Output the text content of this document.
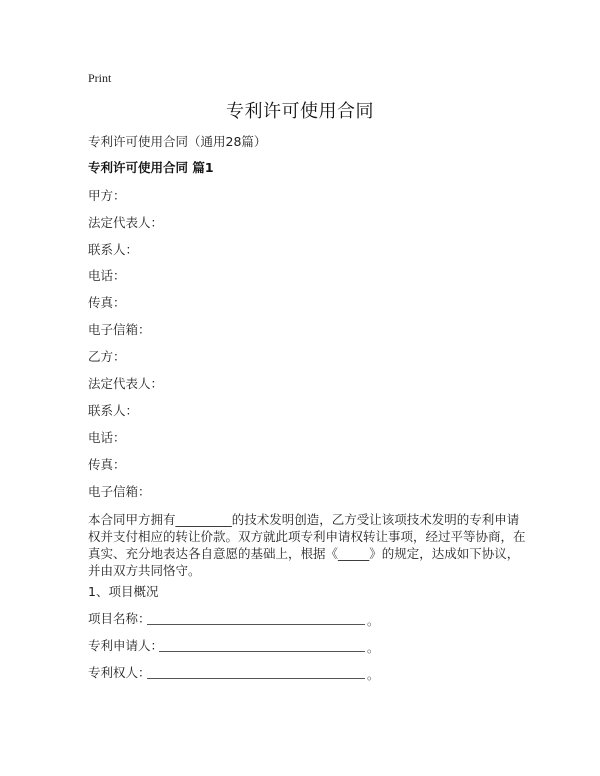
Print
专利许可使用合同
专利许可使用合同（通用28篇）
专利许可使用合同 篇1
甲方：
法定代表人：
联系人：
电话：
传真：
电子信箱：
乙方：
法定代表人：
联系人：
电话：
传真：
电子信箱：
本合同甲方拥有_________的技术发明创造，乙方受让该项技术发明的专利申请权并支付相应的转让价款。双方就此项专利申请权转让事项，经过平等协商，在真实、充分地表达各自意愿的基础上，根据《_____》的规定，达成如下协议，并由双方共同恪守。
1、项目概况
项目名称：	。
专利申请人：	。
专利权人：	。
